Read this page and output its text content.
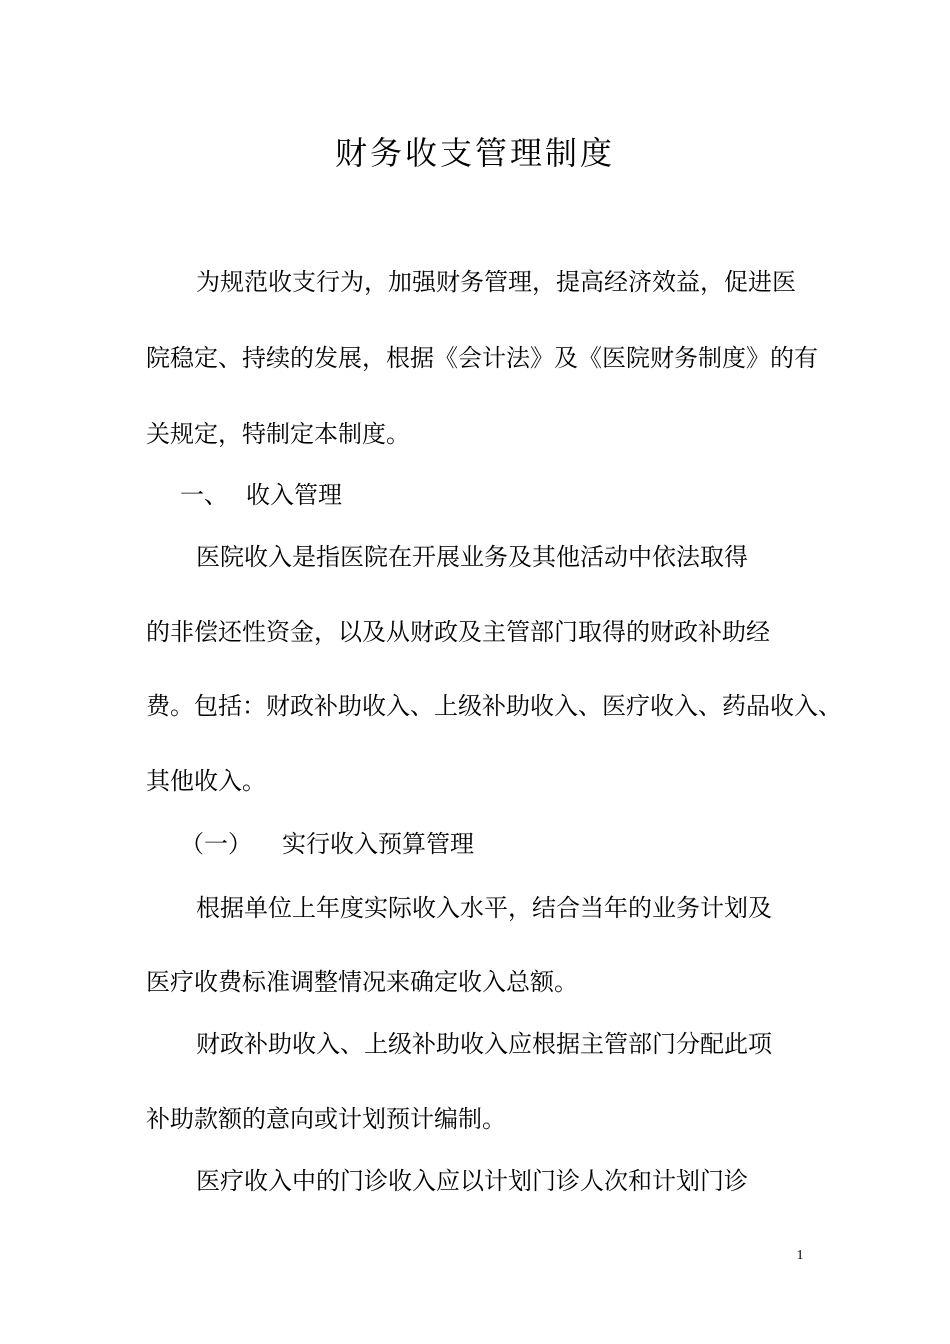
财务收支管理制度
为规范收支行为，加强财务管理，提高经济效益，促进医
院稳定、持续的发展，根据《会计法》及《医院财务制度》的有
关规定，特制定本制度。
一、 收入管理
医院收入是指医院在开展业务及其他活动中依法取得
的非偿还性资金，以及从财政及主管部门取得的财政补助经
费。包括：财政补助收入、上级补助收入、医疗收入、药品收入、
其他收入。
（一） 实行收入预算管理
根据单位上年度实际收入水平，结合当年的业务计划及
医疗收费标准调整情况来确定收入总额。
财政补助收入、上级补助收入应根据主管部门分配此项
补助款额的意向或计划预计编制。
医疗收入中的门诊收入应以计划门诊人次和计划门诊
1
